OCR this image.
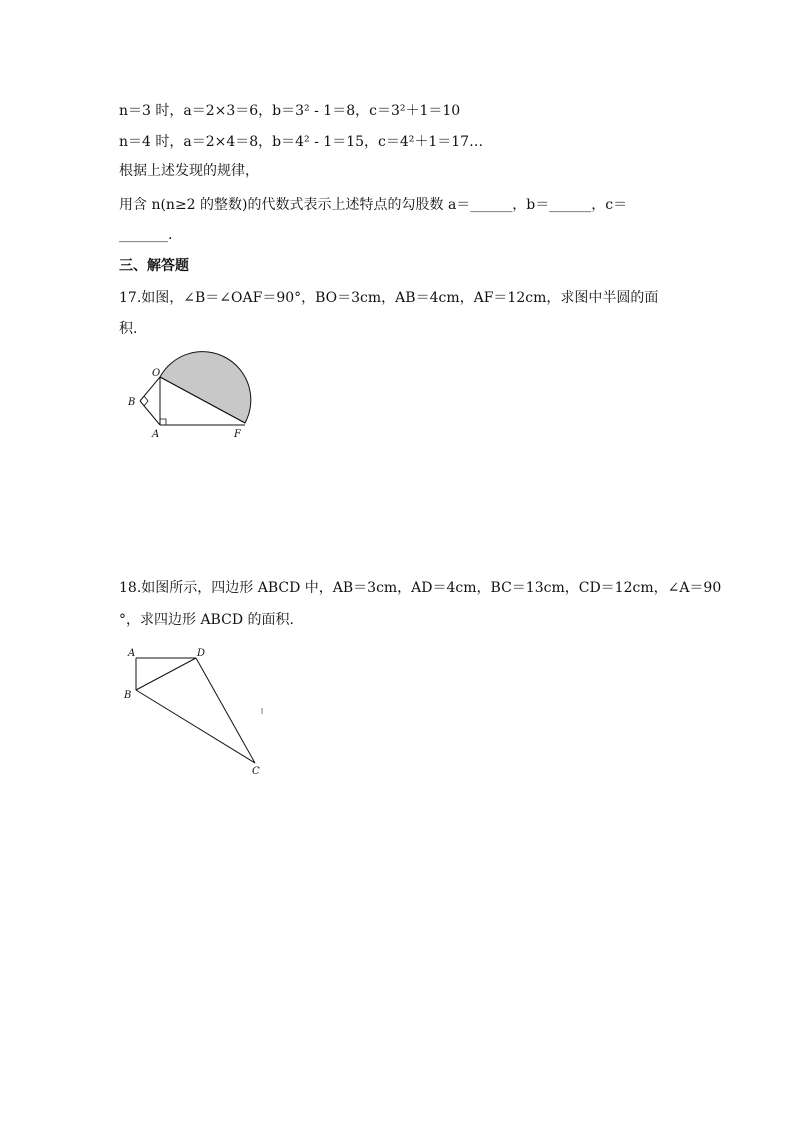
n＝3 时，a＝2×3＝6，b＝3² - 1＝8，c＝3²＋1＝10
n＝4 时，a＝2×4＝8，b＝4² - 1＝15，c＝4²＋1＝17…
根据上述发现的规律，
用含 n(n≥2 的整数)的代数式表示上述特点的勾股数 a＝______，b＝______，c＝
_______.
三、解答题
17.如图，∠B＝∠OAF＝90°，BO＝3cm，AB＝4cm，AF＝12cm，求图中半圆的面
积.
O
B
A	F
18.如图所示，四边形 ABCD 中，AB＝3cm，AD＝4cm，BC＝13cm，CD＝12cm，∠A＝90
°，求四边形 ABCD 的面积.
A	D
B
C
